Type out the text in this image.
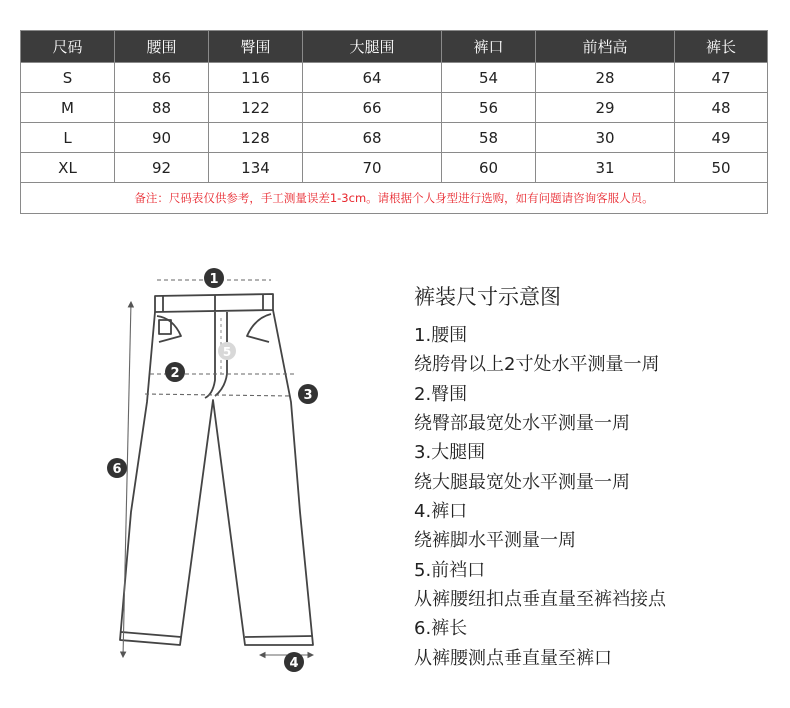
尺码	腰围	臀围	大腿围	裤口	前档高	裤长
S	86	116	64	54	28	47
M	88	122	66	56	29	48
L	90	128	68	58	30	49
XL	92	134	70	60	31	50
备注：尺码表仅供参考，手工测量误差1-3cm。请根据个人身型进行选购，如有问题请咨询客服人员。						
1
2
3
4
5
6
裤装尺寸示意图
1.腰围
绕胯骨以上2寸处水平测量一周
2.臀围
绕臀部最宽处水平测量一周
3.大腿围
绕大腿最宽处水平测量一周
4.裤口
绕裤脚水平测量一周
5.前裆口
从裤腰纽扣点垂直量至裤裆接点
6.裤长
从裤腰测点垂直量至裤口
